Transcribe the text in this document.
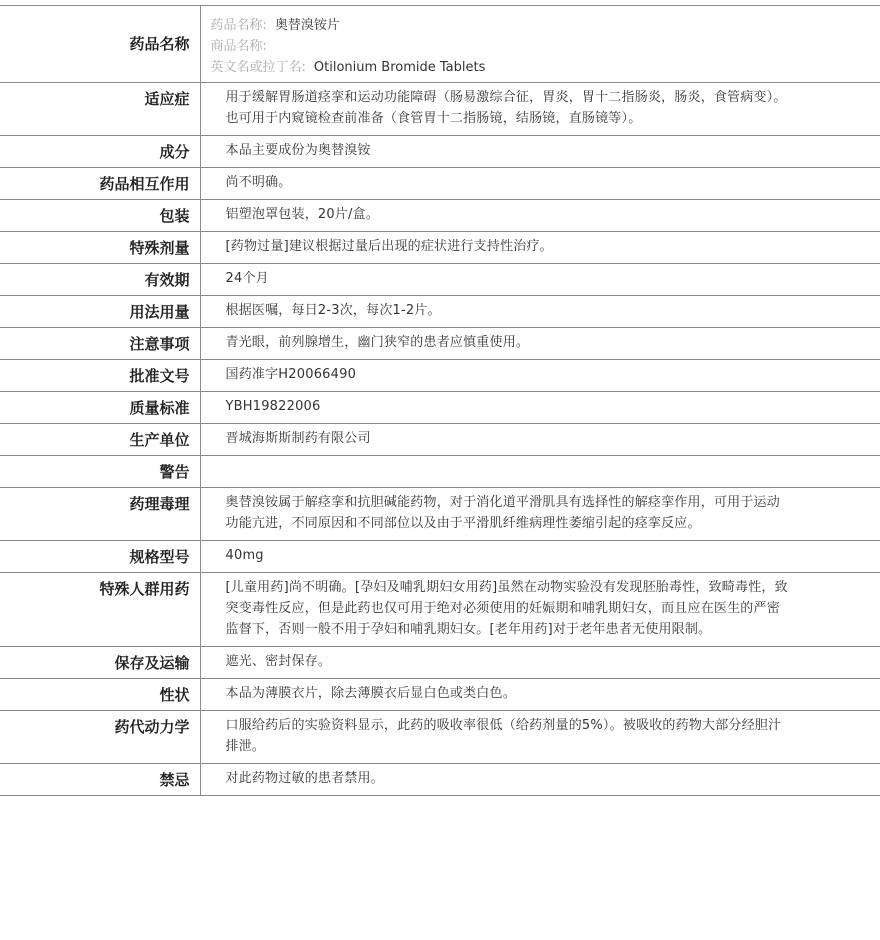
药品名称	药品名称: 奥替溴铵片
商品名称:
英文名或拉丁名: Otilonium Bromide Tablets

适应症	用于缓解胃肠道痉挛和运动功能障碍（肠易激综合征，胃炎，胃十二指肠炎，肠炎，食管病变）。也可用于内窥镜检查前准备（食管胃十二指肠镜，结肠镜，直肠镜等）。

成分	本品主要成份为奥替溴铵

药品相互作用	尚不明确。

包装	铝塑泡罩包装，20片/盒。

特殊剂量	[药物过量]建议根据过量后出现的症状进行支持性治疗。

有效期	24个月

用法用量	根据医嘱，每日2-3次，每次1-2片。

注意事项	青光眼，前列腺增生，幽门狭窄的患者应慎重使用。

批准文号	国药准字H20066490

质量标准	YBH19822006

生产单位	晋城海斯斯制药有限公司

警告	

药理毒理	奥替溴铵属于解痉挛和抗胆碱能药物，对于消化道平滑肌具有选择性的解痉挛作用，可用于运动功能亢进，不同原因和不同部位以及由于平滑肌纤维病理性萎缩引起的痉挛反应。

规格型号	40mg

特殊人群用药	[儿童用药]尚不明确。[孕妇及哺乳期妇女用药]虽然在动物实验没有发现胚胎毒性，致畸毒性，致突变毒性反应，但是此药也仅可用于绝对必须使用的妊娠期和哺乳期妇女，而且应在医生的严密监督下，否则一般不用于孕妇和哺乳期妇女。[老年用药]对于老年患者无使用限制。

保存及运输	遮光、密封保存。

性状	本品为薄膜衣片，除去薄膜衣后显白色或类白色。

药代动力学	口服给药后的实验资料显示，此药的吸收率很低（给药剂量的5%）。被吸收的药物大部分经胆汁排泄。

禁忌	对此药物过敏的患者禁用。
